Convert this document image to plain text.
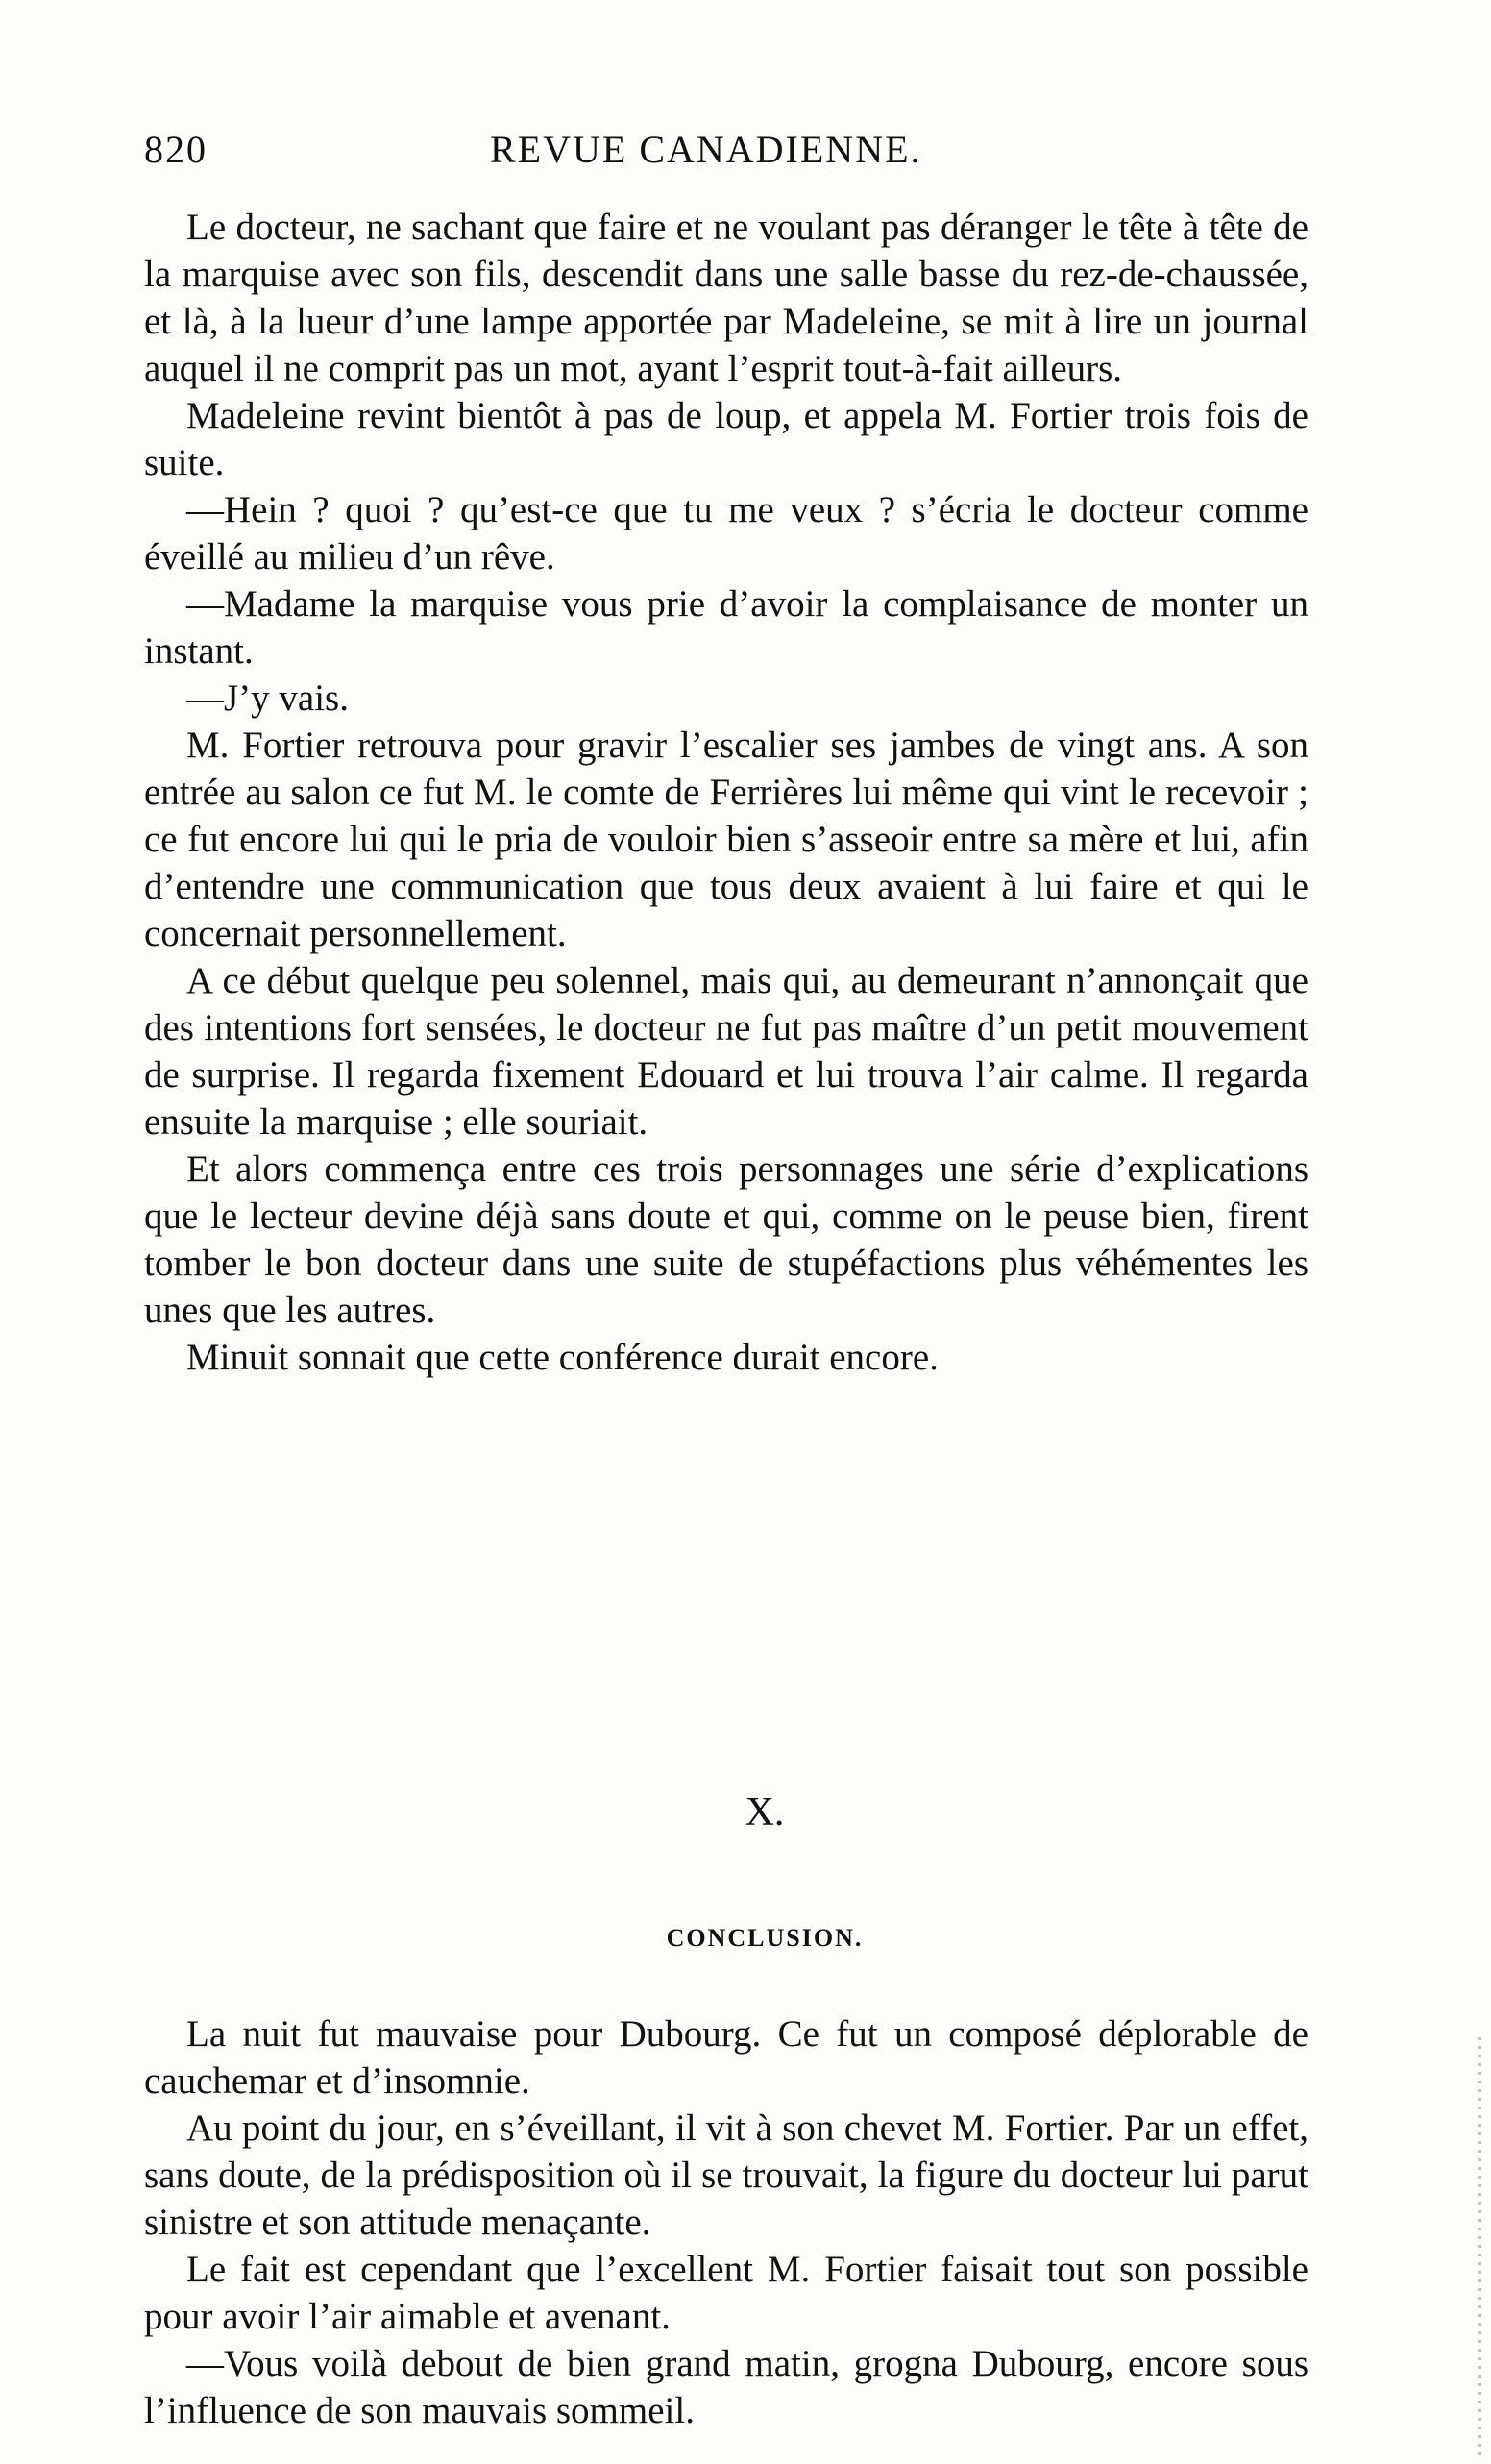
820	REVUE CANADIENNE.

Le docteur, ne sachant que faire et ne voulant pas déranger le tête à tête de la marquise avec son fils, descendit dans une salle basse du rez-de-chaussée, et là, à la lueur d’une lampe apportée par Madeleine, se mit à lire un journal auquel il ne comprit pas un mot, ayant l’esprit tout-à-fait ailleurs.

Madeleine revint bientôt à pas de loup, et appela M. Fortier trois fois de suite.

—Hein ? quoi ? qu’est-ce que tu me veux ? s’écria le docteur comme éveillé au milieu d’un rêve.

—Madame la marquise vous prie d’avoir la complaisance de monter un instant.

—J’y vais.

M. Fortier retrouva pour gravir l’escalier ses jambes de vingt ans. A son entrée au salon ce fut M. le comte de Ferrières lui même qui vint le recevoir ; ce fut encore lui qui le pria de vouloir bien s’asseoir entre sa mère et lui, afin d’entendre une communication que tous deux avaient à lui faire et qui le concernait personnellement.

A ce début quelque peu solennel, mais qui, au demeurant n’annonçait que des intentions fort sensées, le docteur ne fut pas maître d’un petit mouvement de surprise. Il regarda fixement Edouard et lui trouva l’air calme. Il regarda ensuite la marquise ; elle souriait.

Et alors commença entre ces trois personnages une série d’explications que le lecteur devine déjà sans doute et qui, comme on le peuse bien, firent tomber le bon docteur dans une suite de stupéfactions plus véhémentes les unes que les autres.

Minuit sonnait que cette conférence durait encore.

X.
CONCLUSION.

La nuit fut mauvaise pour Dubourg. Ce fut un composé déplorable de cauchemar et d’insomnie.

Au point du jour, en s’éveillant, il vit à son chevet M. Fortier. Par un effet, sans doute, de la prédisposition où il se trouvait, la figure du docteur lui parut sinistre et son attitude menaçante.

Le fait est cependant que l’excellent M. Fortier faisait tout son possible pour avoir l’air aimable et avenant.

—Vous voilà debout de bien grand matin, grogna Dubourg, encore sous l’influence de son mauvais sommeil.
